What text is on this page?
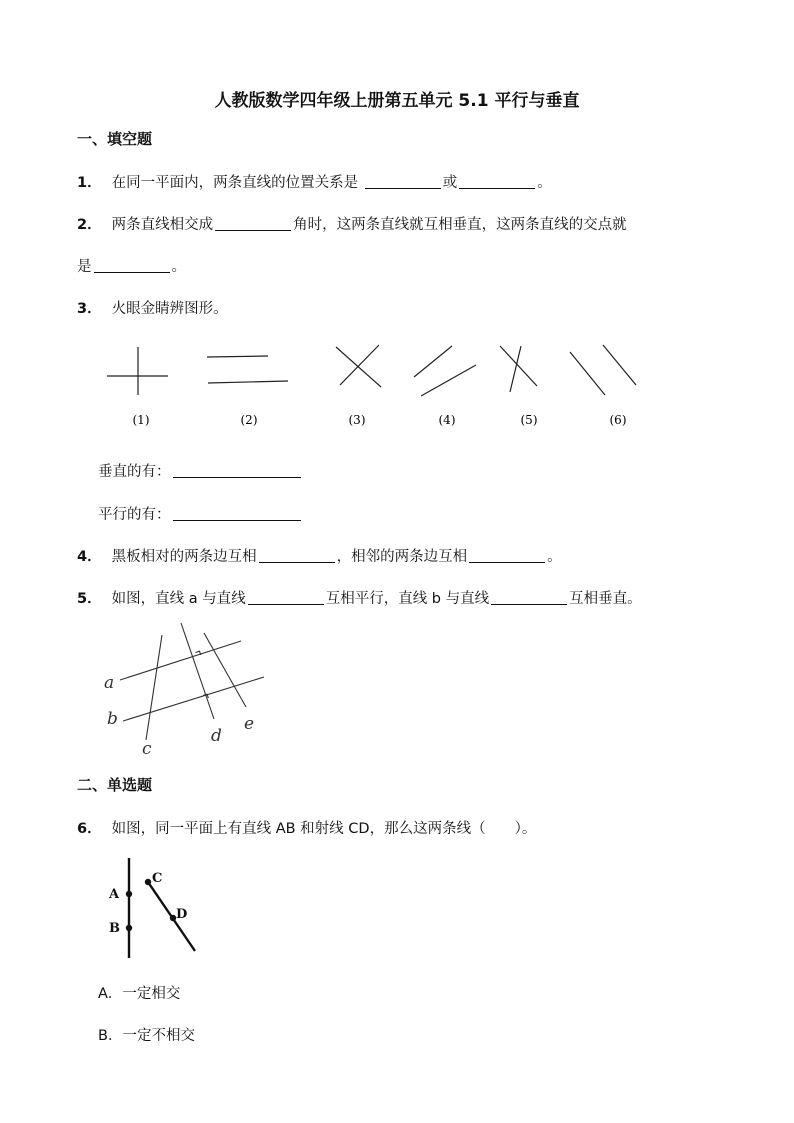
人教版数学四年级上册第五单元 5.1 平行与垂直
一、填空题
1． 在同一平面内，两条直线的位置关系是	或	。
2． 两条直线相交成	角时，这两条直线就互相垂直，这两条直线的交点就
是	。
3． 火眼金睛辨图形。
(1)	(2)	(3)	(4)	(5)	(6)
垂直的有：
平行的有：
4． 黑板相对的两条边互相	，相邻的两条边互相	。
5． 如图，直线 a 与直线	互相平行，直线 b 与直线	互相垂直。
a
b
c
d
e
二、单选题
6． 如图，同一平面上有直线 AB 和射线 CD，那么这两条线（　　）。
A
B
C
D
A．一定相交
B．一定不相交
